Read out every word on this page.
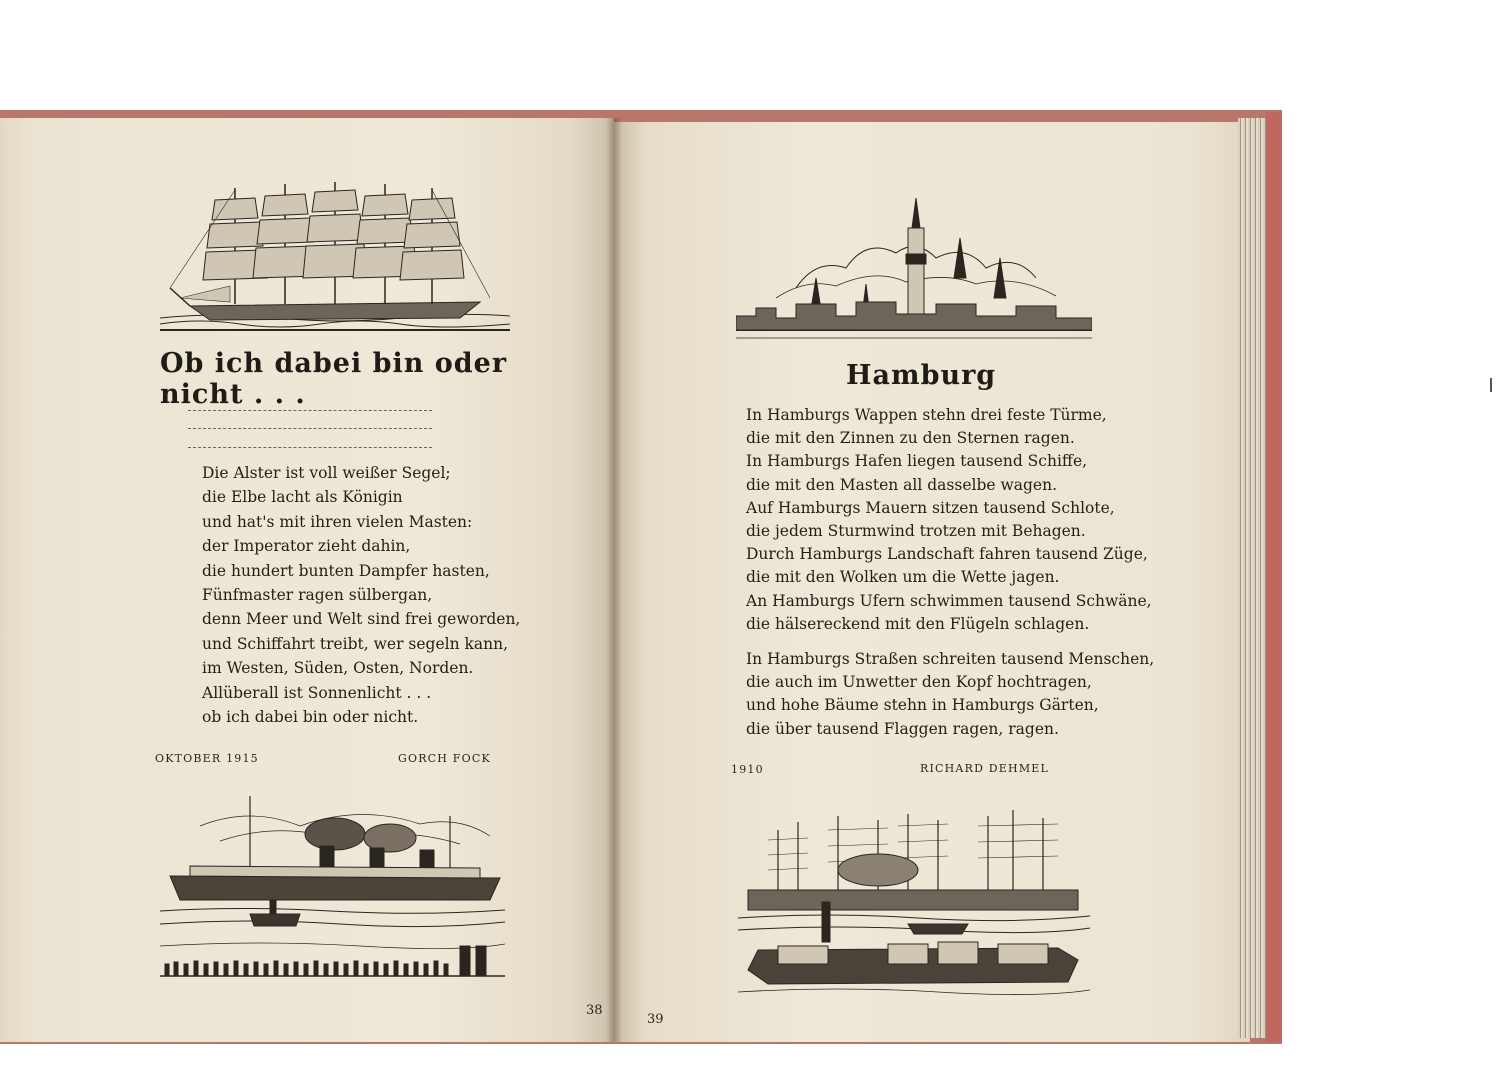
Ob ich dabei bin oder nicht . . .
Die Alster ist voll weißer Segel;
die Elbe lacht als Königin
und hat's mit ihren vielen Masten:
der Imperator zieht dahin,
die hundert bunten Dampfer hasten,
Fünfmaster ragen sülbergan,
denn Meer und Welt sind frei geworden,
und Schiffahrt treibt, wer segeln kann,
im Westen, Süden, Osten, Norden.
Allüberall ist Sonnenlicht . . .
ob ich dabei bin oder nicht.
OKTOBER 1915	GORCH FOCK
38
Hamburg
In Hamburgs Wappen stehn drei feste Türme,
die mit den Zinnen zu den Sternen ragen.
In Hamburgs Hafen liegen tausend Schiffe,
die mit den Masten all dasselbe wagen.
Auf Hamburgs Mauern sitzen tausend Schlote,
die jedem Sturmwind trotzen mit Behagen.
Durch Hamburgs Landschaft fahren tausend Züge,
die mit den Wolken um die Wette jagen.
An Hamburgs Ufern schwimmen tausend Schwäne,
die hälsereckend mit den Flügeln schlagen.
In Hamburgs Straßen schreiten tausend Menschen,
die auch im Unwetter den Kopf hochtragen,
und hohe Bäume stehn in Hamburgs Gärten,
die über tausend Flaggen ragen, ragen.
1910	RICHARD DEHMEL
39
